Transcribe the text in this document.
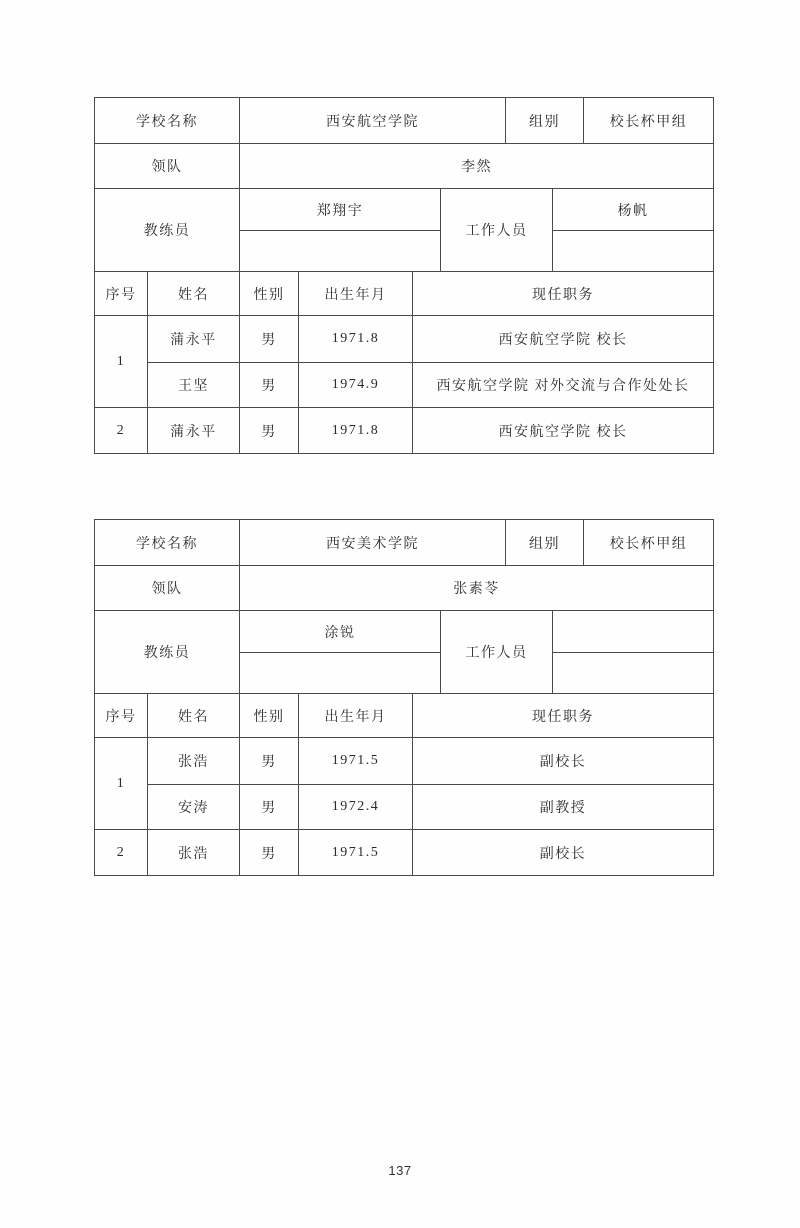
学校名称		西安航空学院				组别		校长杯甲组
领队		李然						
教练员		郑翔宇			工作人员		杨帆	

序号	姓名	性别	出生年月	现任职务				
1	蒲永平	男	1971.8	西安航空学院 校长				
	王坚	男	1974.9	西安航空学院 对外交流与合作处处长				
2	蒲永平	男	1971.8	西安航空学院 校长				
学校名称		西安美术学院				组别		校长杯甲组
领队		张素苓						
教练员		涂锐			工作人员			

序号	姓名	性别	出生年月	现任职务				
1	张浩	男	1971.5	副校长				
	安涛	男	1972.4	副教授				
2	张浩	男	1971.5	副校长				
137
